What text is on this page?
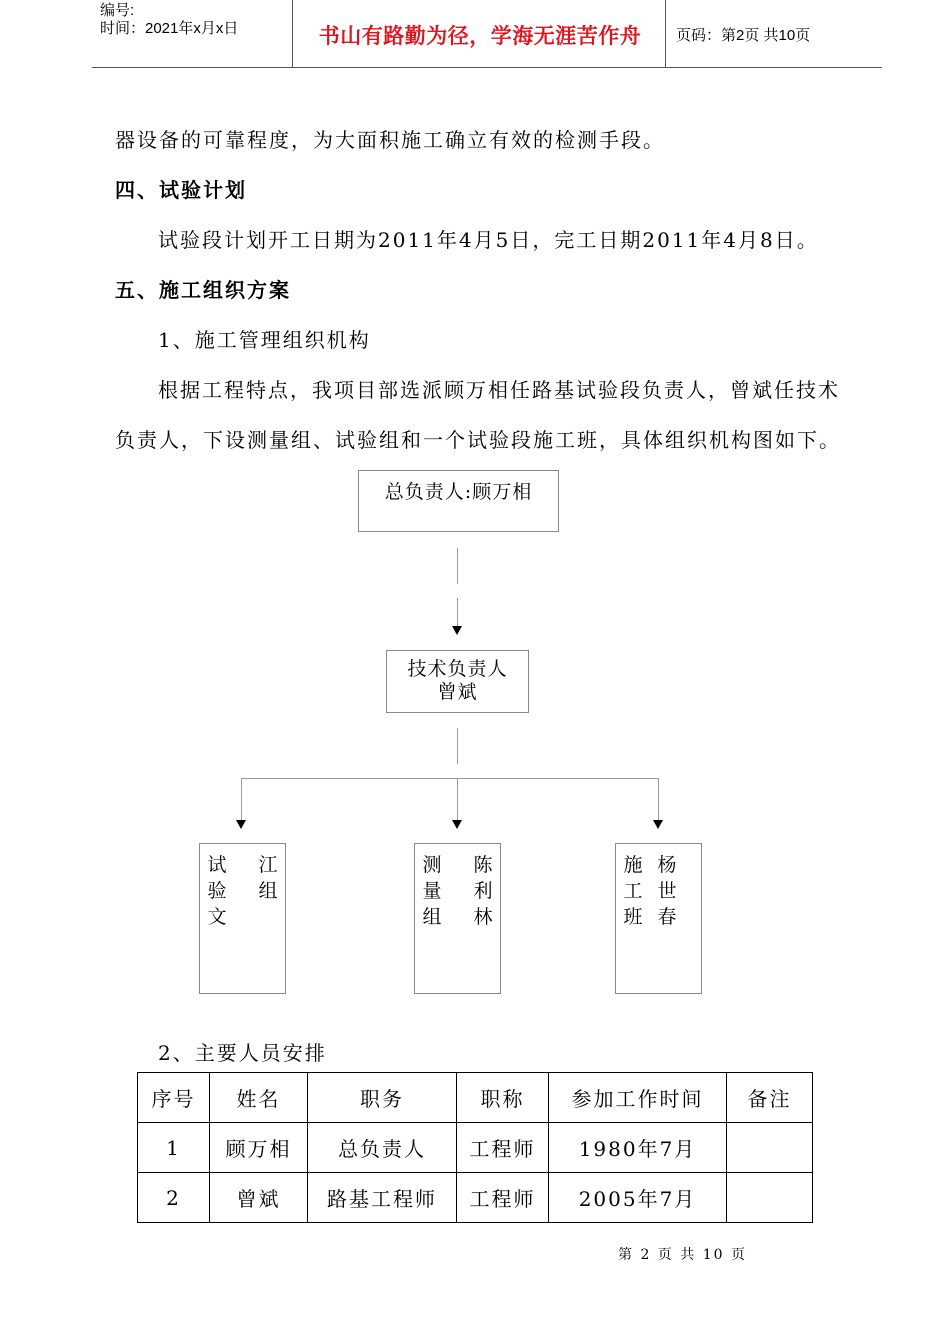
编号:
时间：2021年x月x日	书山有路勤为径，学海无涯苦作舟	页码：第2页 共10页
器设备的可靠程度，为大面积施工确立有效的检测手段。
四、试验计划
试验段计划开工日期为2011年4月5日，完工日期2011年4月8日。
五、施工组织方案
1、施工管理组织机构
根据工程特点，我项目部选派顾万相任路基试验段负责人，曾斌任技术
负责人，下设测量组、试验组和一个试验段施工班，具体组织机构图如下。
总负责人:顾万相
技术负责人
曾斌
试
验
文
江
组
测
量
组
陈
利
林
施
工
班
杨
世
春
2、主要人员安排
序号	姓名	职务	职称	参加工作时间	备注
1	顾万相	总负责人	工程师	1980年7月	
2	曾斌	路基工程师	工程师	2005年7月	
第 2 页 共 10 页
